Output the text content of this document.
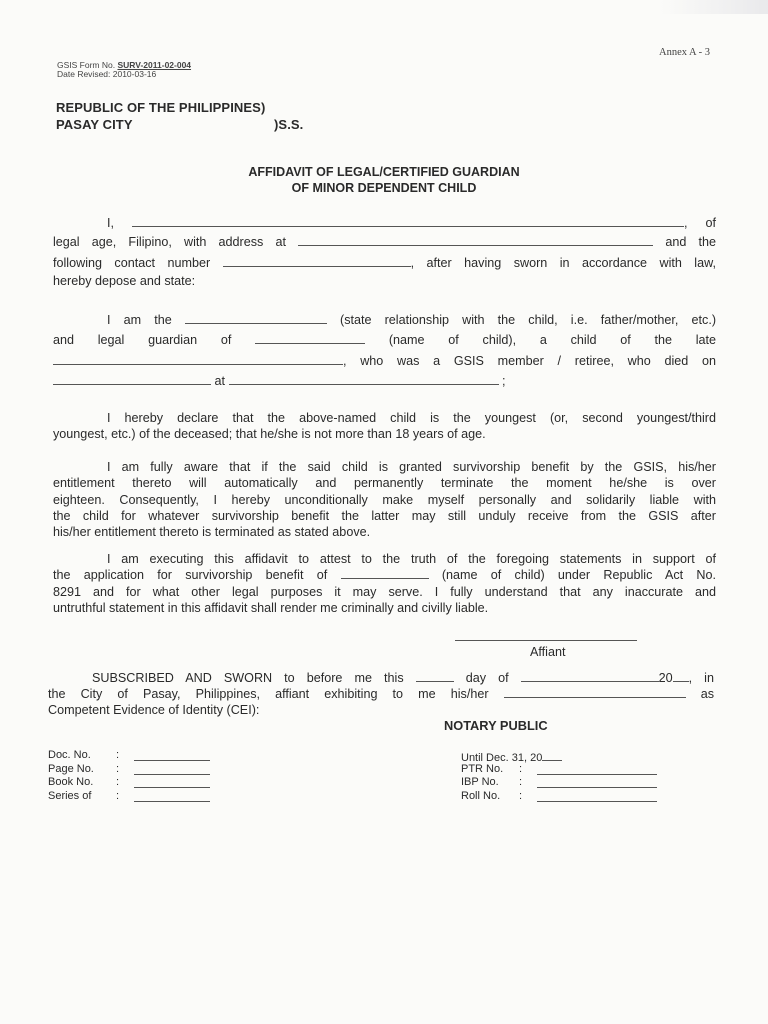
Annex A - 3
GSIS Form No. SURV-2011-02-004
Date Revised: 2010-03-16
REPUBLIC OF THE PHILIPPINES)
PASAY CITY	)S.S.
AFFIDAVIT OF LEGAL/CERTIFIED GUARDIAN
OF MINOR DEPENDENT CHILD
I,	, of
legal age, Filipino, with address at	and the
following contact number	, after having sworn in accordance with law,
hereby depose and state:
I am the	(state relationship with the child, i.e. father/mother, etc.)
and legal guardian of	(name of child), a child of the late
, who was a GSIS member / retiree, who died on
at	;
I hereby declare that the above-named child is the youngest (or, second youngest/third
youngest, etc.) of the deceased; that he/she is not more than 18 years of age.
I am fully aware that if the said child is granted survivorship benefit by the GSIS, his/her
entitlement thereto will automatically and permanently terminate the moment he/she is over
eighteen. Consequently, I hereby unconditionally make myself personally and solidarily liable with
the child for whatever survivorship benefit the latter may still unduly receive from the GSIS after
his/her entitlement thereto is terminated as stated above.
I am executing this affidavit to attest to the truth of the foregoing statements in support of
the application for survivorship benefit of	(name of child) under Republic Act No.
8291 and for what other legal purposes it may serve. I fully understand that any inaccurate and
untruthful statement in this affidavit shall render me criminally and civilly liable.
Affiant
SUBSCRIBED AND SWORN to before me this	day of	20 , in
the City of Pasay, Philippines, affiant exhibiting to me his/her	as
Competent Evidence of Identity (CEI):
NOTARY PUBLIC
Doc. No. :
Page No. :
Book No. :
Series of :
Until Dec. 31, 20
PTR No. :
IBP No. :
Roll No. :
